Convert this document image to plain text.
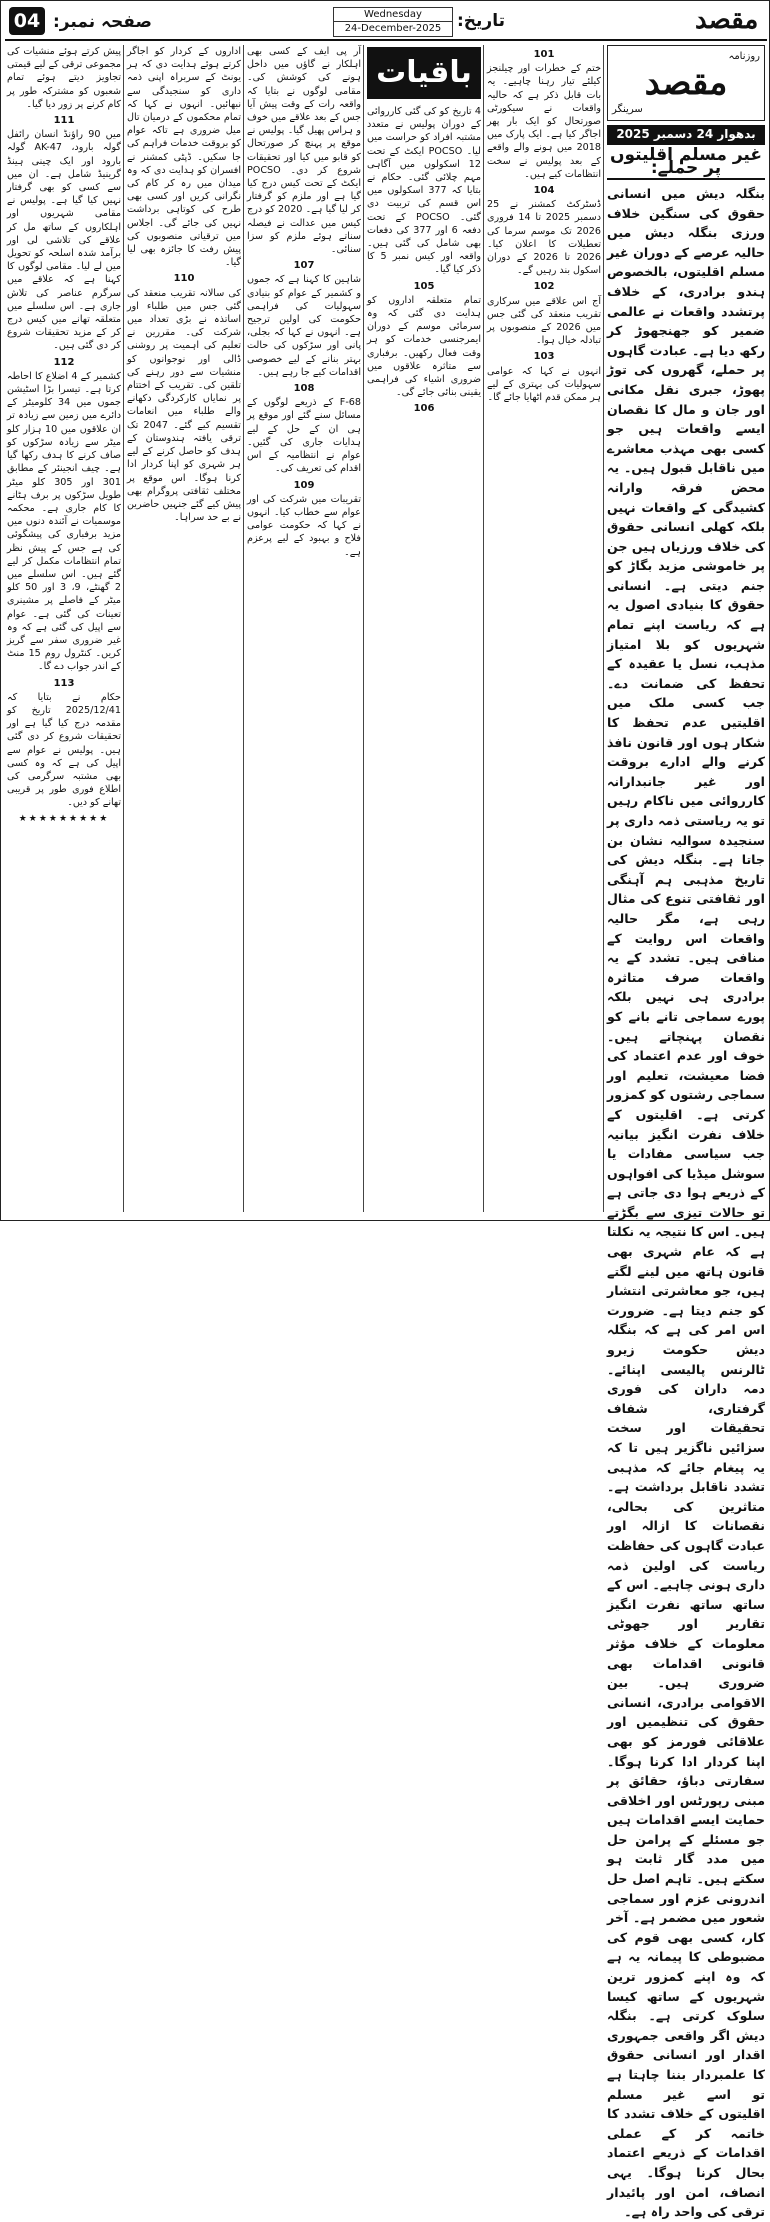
04 صفحہ نمبر:	Wednesday
24-December-2025 تاریخ:	مقصد
پیش کرتے ہوئے منشیات کی مجموعی ترقی کے لیے قیمتی تجاویز دیتے ہوئے تمام شعبوں کو مشترکہ طور پر کام کرنے پر زور دیا گیا۔
111
میں 90 راؤنڈ انسان رائفل گولہ بارود، AK-47 گولہ بارود اور ایک چینی ہینڈ گرینیڈ شامل ہے۔ ان میں سے کسی کو بھی گرفتار نہیں کیا گیا ہے۔ پولیس نے مقامی شہریوں اور اہلکاروں کے ساتھ مل کر علاقے کی تلاشی لی اور برآمد شدہ اسلحہ کو تحویل میں لے لیا۔ مقامی لوگوں کا کہنا ہے کہ علاقے میں سرگرم عناصر کی تلاش جاری ہے۔ اس سلسلے میں متعلقہ تھانے میں کیس درج کر کے مزید تحقیقات شروع کر دی گئی ہیں۔
112
کشمیر کے 4 اضلاع کا احاطہ کرتا ہے۔ تیسرا بڑا اسٹیشن جموں میں 34 کلومیٹر کے دائرے میں زمین سے زیادہ تر ان علاقوں میں 10 ہزار کلو میٹر سے زیادہ سڑکوں کو صاف کرنے کا ہدف رکھا گیا ہے۔ چیف انجینئر کے مطابق 301 اور 305 کلو میٹر طویل سڑکوں پر برف ہٹانے کا کام جاری ہے۔ محکمہ موسمیات نے آئندہ دنوں میں مزید برفباری کی پیشگوئی کی ہے جس کے پیش نظر تمام انتظامات مکمل کر لیے گئے ہیں۔ اس سلسلے میں 2 گھنٹے، 9، 3 اور 50 کلو میٹر کے فاصلے پر مشینری تعینات کی گئی ہے۔ عوام سے اپیل کی گئی ہے کہ وہ غیر ضروری سفر سے گریز کریں۔ کنٹرول روم 15 منٹ کے اندر جواب دے گا۔
113
حکام نے بتایا کہ 2025/12/41 تاریخ کو مقدمہ درج کیا گیا ہے اور تحقیقات شروع کر دی گئی ہیں۔ پولیس نے عوام سے اپیل کی ہے کہ وہ کسی بھی مشتبہ سرگرمی کی اطلاع فوری طور پر قریبی تھانے کو دیں۔
★★★★★★★★★
اداروں کے کردار کو اجاگر کرتے ہوئے ہدایت دی کہ ہر یونٹ کے سربراہ اپنی ذمہ داری کو سنجیدگی سے نبھائیں۔ انہوں نے کہا کہ تمام محکموں کے درمیان تال میل ضروری ہے تاکہ عوام کو بروقت خدمات فراہم کی جا سکیں۔ ڈپٹی کمشنر نے افسران کو ہدایت دی کہ وہ میدان میں رہ کر کام کی نگرانی کریں اور کسی بھی طرح کی کوتاہی برداشت نہیں کی جائے گی۔ اجلاس میں ترقیاتی منصوبوں کی پیش رفت کا جائزہ بھی لیا گیا۔
110
کی سالانہ تقریب منعقد کی گئی جس میں طلباء اور اساتذہ نے بڑی تعداد میں شرکت کی۔ مقررین نے تعلیم کی اہمیت پر روشنی ڈالی اور نوجوانوں کو منشیات سے دور رہنے کی تلقین کی۔ تقریب کے اختتام پر نمایاں کارکردگی دکھانے والے طلباء میں انعامات تقسیم کیے گئے۔ 2047 تک ترقی یافتہ ہندوستان کے ہدف کو حاصل کرنے کے لیے ہر شہری کو اپنا کردار ادا کرنا ہوگا۔ اس موقع پر مختلف ثقافتی پروگرام بھی پیش کیے گئے جنہیں حاضرین نے بے حد سراہا۔
آر پی ایف کے کسی بھی اہلکار نے گاؤں میں داخل ہونے کی کوشش کی۔ مقامی لوگوں نے بتایا کہ واقعہ رات کے وقت پیش آیا جس کے بعد علاقے میں خوف و ہراس پھیل گیا۔ پولیس نے موقع پر پہنچ کر صورتحال کو قابو میں کیا اور تحقیقات شروع کر دی۔ POCSO ایکٹ کے تحت کیس درج کیا گیا ہے اور ملزم کو گرفتار کر لیا گیا ہے۔ 2020 کو درج کیس میں عدالت نے فیصلہ سناتے ہوئے ملزم کو سزا سنائی۔
107
شاہین کا کہنا ہے کہ جموں و کشمیر کے عوام کو بنیادی سہولیات کی فراہمی حکومت کی اولین ترجیح ہے۔ انہوں نے کہا کہ بجلی، پانی اور سڑکوں کی حالت بہتر بنانے کے لیے خصوصی اقدامات کیے جا رہے ہیں۔
108
F-68 کے ذریعے لوگوں کے مسائل سنے گئے اور موقع پر ہی ان کے حل کے لیے ہدایات جاری کی گئیں۔ عوام نے انتظامیہ کے اس اقدام کی تعریف کی۔
109
تقریبات میں شرکت کی اور عوام سے خطاب کیا۔ انہوں نے کہا کہ حکومت عوامی فلاح و بہبود کے لیے پرعزم ہے۔
باقیات
4 تاریخ کو کی گئی کارروائی کے دوران پولیس نے متعدد مشتبہ افراد کو حراست میں لیا۔ POCSO ایکٹ کے تحت 12 اسکولوں میں آگاہی مہم چلائی گئی۔ حکام نے بتایا کہ 377 اسکولوں میں اس قسم کی تربیت دی گئی۔ POCSO کے تحت دفعہ 6 اور 377 کی دفعات بھی شامل کی گئی ہیں۔ واقعہ اور کیس نمبر 5 کا ذکر کیا گیا۔
105
تمام متعلقہ اداروں کو ہدایت دی گئی کہ وہ سرمائی موسم کے دوران ایمرجنسی خدمات کو ہر وقت فعال رکھیں۔ برفباری سے متاثرہ علاقوں میں ضروری اشیاء کی فراہمی یقینی بنائی جائے گی۔
106
101
ختم کے خطرات اور چیلنجز کیلئے تیار رہنا چاہیے۔ یہ بات قابل ذکر ہے کہ حالیہ واقعات نے سیکورٹی صورتحال کو ایک بار پھر اجاگر کیا ہے۔ ایک پارک میں 2018 میں ہونے والے واقعے کے بعد پولیس نے سخت انتظامات کیے ہیں۔
104
ڈسٹرکٹ کمشنر نے 25 دسمبر 2025 تا 14 فروری 2026 تک موسم سرما کی تعطیلات کا اعلان کیا۔ 2026 تا 2026 کے دوران اسکول بند رہیں گے۔
102
آج اس علاقے میں سرکاری تقریب منعقد کی گئی جس میں 2026 کے منصوبوں پر تبادلہ خیال ہوا۔
103
انہوں نے کہا کہ عوامی سہولیات کی بہتری کے لیے ہر ممکن قدم اٹھایا جائے گا۔
روزنامہ
مقصد
سرینگر
بدھوار 24 دسمبر 2025
غیر مسلم اقلیتوں پر حملے:
بنگلہ دیش میں انسانی حقوق کی سنگین خلاف ورزی بنگلہ دیش میں حالیہ عرصے کے دوران غیر مسلم اقلیتوں، بالخصوص ہندو برادری، کے خلاف پرتشدد واقعات نے عالمی ضمیر کو جھنجھوڑ کر رکھ دیا ہے۔ عبادت گاہوں پر حملے، گھروں کی توڑ پھوڑ، جبری نقل مکانی اور جان و مال کا نقصان ایسے واقعات ہیں جو کسی بھی مہذب معاشرے میں ناقابل قبول ہیں۔ یہ محض فرقہ وارانہ کشیدگی کے واقعات نہیں بلکہ کھلی انسانی حقوق کی خلاف ورزیاں ہیں جن پر خاموشی مزید بگاڑ کو جنم دیتی ہے۔ انسانی حقوق کا بنیادی اصول یہ ہے کہ ریاست اپنے تمام شہریوں کو بلا امتیاز مذہب، نسل یا عقیدہ کے تحفظ کی ضمانت دے۔ جب کسی ملک میں اقلیتیں عدم تحفظ کا شکار ہوں اور قانون نافذ کرنے والے ادارے بروقت اور غیر جانبدارانہ کارروائی میں ناکام رہیں تو یہ ریاستی ذمہ داری پر سنجیدہ سوالیہ نشان بن جاتا ہے۔ بنگلہ دیش کی تاریخ مذہبی ہم آہنگی اور ثقافتی تنوع کی مثال رہی ہے، مگر حالیہ واقعات اس روایت کے منافی ہیں۔ تشدد کے یہ واقعات صرف متاثرہ برادری ہی نہیں بلکہ پورے سماجی تانے بانے کو نقصان پہنچاتے ہیں۔ خوف اور عدم اعتماد کی فضا معیشت، تعلیم اور سماجی رشتوں کو کمزور کرتی ہے۔ اقلیتوں کے خلاف نفرت انگیز بیانیہ جب سیاسی مفادات یا سوشل میڈیا کی افواہوں کے ذریعے ہوا دی جاتی ہے تو حالات تیزی سے بگڑتے ہیں۔ اس کا نتیجہ یہ نکلتا ہے کہ عام شہری بھی قانون ہاتھ میں لینے لگتے ہیں، جو معاشرتی انتشار کو جنم دیتا ہے۔ ضرورت اس امر کی ہے کہ بنگلہ دیش حکومت زیرو ٹالرنس پالیسی اپنائے۔ دمہ داران کی فوری گرفتاری، شفاف تحقیقات اور سخت سزائیں ناگزیر ہیں تا کہ یہ پیغام جائے کہ مذہبی تشدد ناقابل برداشت ہے۔ متاثرین کی بحالی، نقصانات کا ازالہ اور عبادت گاہوں کی حفاظت ریاست کی اولین ذمہ داری ہونی چاہیے۔ اس کے ساتھ ساتھ نفرت انگیز تقاریر اور جھوٹی معلومات کے خلاف مؤثر قانونی اقدامات بھی ضروری ہیں۔ بین الاقوامی برادری، انسانی حقوق کی تنظیمیں اور علاقائی فورمز کو بھی اپنا کردار ادا کرنا ہوگا۔ سفارتی دباؤ، حقائق پر مبنی رپورٹس اور اخلاقی حمایت ایسے اقدامات ہیں جو مسئلے کے پرامن حل میں مدد گار ثابت ہو سکتے ہیں۔ تاہم اصل حل اندرونی عزم اور سماجی شعور میں مضمر ہے۔ آخر کار، کسی بھی قوم کی مضبوطی کا پیمانہ یہ ہے کہ وہ اپنے کمزور ترین شہریوں کے ساتھ کیسا سلوک کرتی ہے۔ بنگلہ دیش اگر واقعی جمہوری اقدار اور انسانی حقوق کا علمبردار بننا چاہتا ہے تو اسے غیر مسلم اقلیتوں کے خلاف تشدد کا خاتمہ کر کے عملی اقدامات کے ذریعے اعتماد بحال کرنا ہوگا۔ یہی انصاف، امن اور پائیدار ترقی کی واحد راہ ہے۔
